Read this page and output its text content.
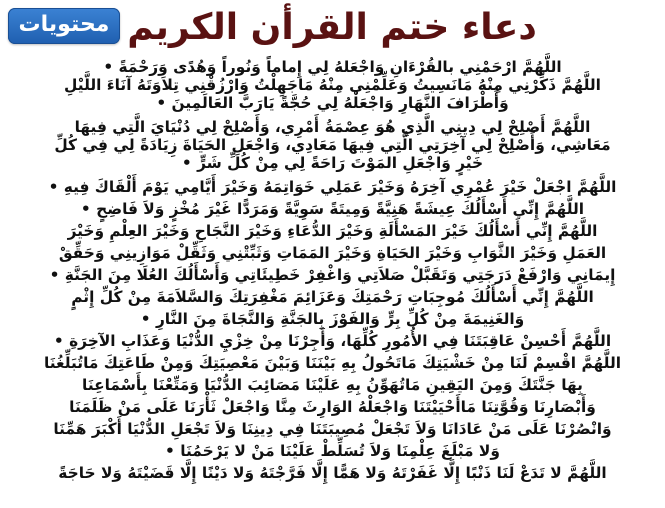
محتويات دعاء ختم القرأن الكريم

اللَّهُمَّ ارْحَمْنِي بالقُرْءَانِ وَاجْعَلهُ لِي إِماماً وَنُوراً وَهُدًى وَرَحْمَةً •

اللَّهُمَّ ذَكِّرْنِي مِنْهُ مَانَسِيتُ وَعَلِّمْنِي مِنْهُ مَاجَهِلْتُ وَارْزُقْنِي تِلاَوَتَهُ آنَاءَ اللَّيْلِ

وَأَطْرَافَ النَّهَارِ وَاجْعَلْهُ لِي حُجَّةً يَارَبَّ العَالَمِينَ •

اللَّهُمَّ أَصْلِحْ لِي دِينِي الَّذِي هُوَ عِصْمَةُ أَمْرِي، وَأَصْلِحْ لِي دُنْيَايَ الَّتِي فِيهَا

مَعَاشِي، وَأَصْلِحْ لِي آخِرَتِي الَّتِي فِيهَا مَعَادِي، وَاجْعَلِ الحَيَاةَ زِيَادَةً لِي فِي كُلِّ

خَيْرٍ وَاجْعَلِ المَوْتَ رَاحَةً لِي مِنْ كُلِّ شَرٍّ •

اللَّهُمَّ اجْعَلْ خَيْرَ عُمْرِي آخِرَهُ وَخَيْرَ عَمَلِي خَوَاتِمَهُ وَخَيْرَ أَيَّامِي يَوْمَ أَلْقَاكَ فِيهِ •

اللَّهُمَّ إِنِّي أَسْأَلُكَ عِيشَةً هَنِيَّةً وَمِيتَةً سَوِيَّةً وَمَرَدًّا غَيْرَ مُخْزٍ وَلاَ فَاضِحٍ •

اللَّهُمَّ إِنِّي أَسْأَلُكَ خَيْرَ المَسْأَلَةِ وَخَيْرَ الدُّعَاءِ وَخَيْرَ النَّجَاحِ وَخَيْرَ العِلْمِ وَخَيْرَ

العَمَلِ وَخَيْرَ الثَّوَابِ وَخَيْرَ الحَيَاةِ وَخَيْرَ المَمَاتِ وَثَبِّتْنِي وَثَقِّلْ مَوَازِينِي وَحَقِّقْ

إِيمَانِي وَارْفَعْ دَرَجَتِي وَتَقَبَّلْ صَلاَتِي وَاغْفِرْ خَطِيئَاتِي وَأَسْأَلُكَ العُلَا مِنَ الجَنَّةِ •

اللَّهُمَّ إِنِّي أَسْأَلُكَ مُوجِبَاتِ رَحْمَتِكَ وَعَزَائِمَ مَغْفِرَتِكَ وَالسَّلاَمَةَ مِنْ كُلِّ إِثْمٍ

وَالغَنِيمَةَ مِنْ كُلِّ بِرٍّ وَالفَوْزَ بِالجَنَّةِ وَالنَّجَاةَ مِنَ النَّارِ •

اللَّهُمَّ أَحْسِنْ عَاقِبَتَنَا فِي الأُمُورِ كُلِّهَا، وَأَجِرْنَا مِنْ خِزْيِ الدُّنْيَا وَعَذَابِ الآخِرَةِ •

اللَّهُمَّ اقْسِمْ لَنَا مِنْ خَشْيَتِكَ مَاتَحُولُ بِهِ بَيْنَنَا وَبَيْنَ مَعْصِيَتِكَ وَمِنْ طَاعَتِكَ مَاتُبَلِّغُنَا

بِهَا جَنَّتَكَ وَمِنَ اليَقِينِ مَاتُهَوِّنُ بِهِ عَلَيْنَا مَصَائِبَ الدُّنْيَا وَمَتِّعْنَا بِأَسْمَاعِنَا

وَأَبْصَارِنَا وَقُوَّتِنَا مَاأَحْيَيْتَنَا وَاجْعَلْهُ الوَارِثَ مِنَّا وَاجْعَلْ ثَأْرَنَا عَلَى مَنْ ظَلَمَنَا

وَانْصُرْنَا عَلَى مَنْ عَادَانَا وَلاَ تَجْعَلْ مُصِيبَتَنَا فِي دِينِنَا وَلاَ تَجْعَلِ الدُّنْيَا أَكْبَرَ هَمِّنَا

وَلا مَبْلَغَ عِلْمِنَا وَلاَ تُسَلِّطْ عَلَيْنَا مَنْ لا يَرْحَمُنَا •

اللَّهُمَّ لا تَدَعْ لَنَا ذَنْبًا إِلَّا غَفَرْتَهُ وَلا هَمًّا إِلَّا فَرَّجْتَهُ وَلا دَيْنًا إِلَّا قَضَيْتَهُ وَلا حَاجَةً
